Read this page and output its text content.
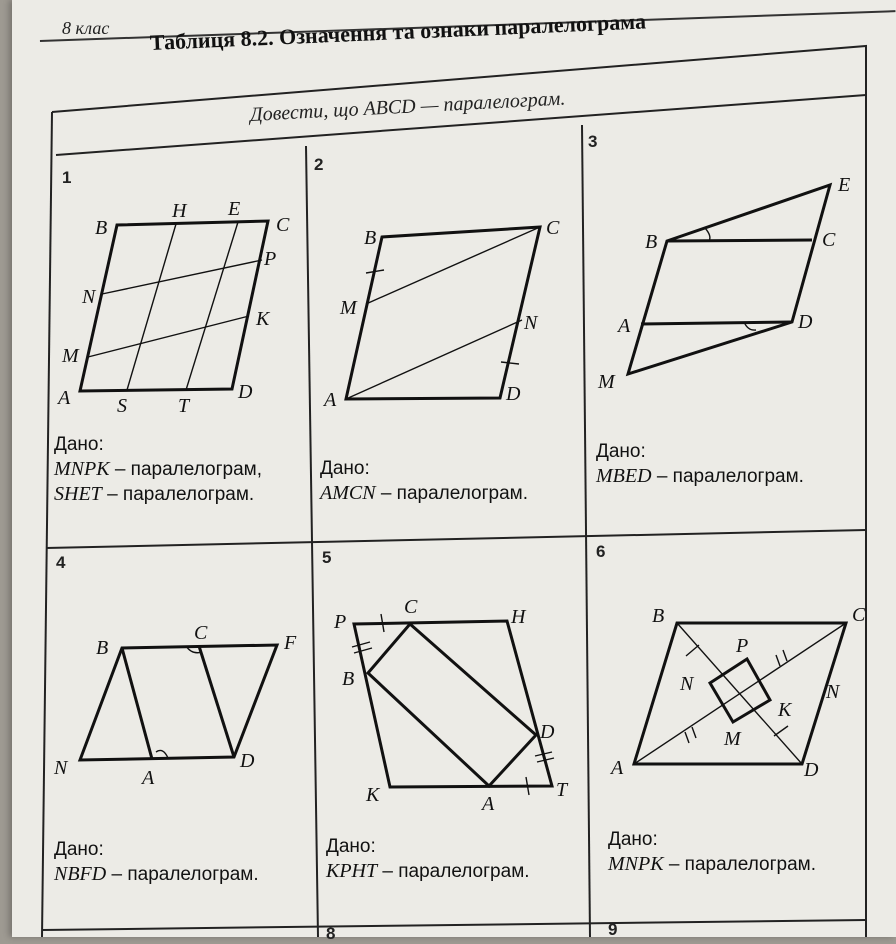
8 клас Таблиця 8.2. Означення та ознаки паралелограма
Довести, що ABCD — паралелограм.
1
2
3
4	5	6
8	9
B
H E
C
P
N
K
M
A S	T
D
B	C
M
N
A	D
E
B	C
A	D
M
B
C	F
N	A
D
P
C	H
B
D
K	A
T
B	C
P
N	N
K
M
A	D
Дано:
MNPK – паралелограм,
SHET – паралелограм.
Дано:
AMCN – паралелограм.
Дано:
MBED – паралелограм.
Дано:
NBFD – паралелограм.
Дано:
KPHT – паралелограм.
Дано:
MNPK – паралелограм.
